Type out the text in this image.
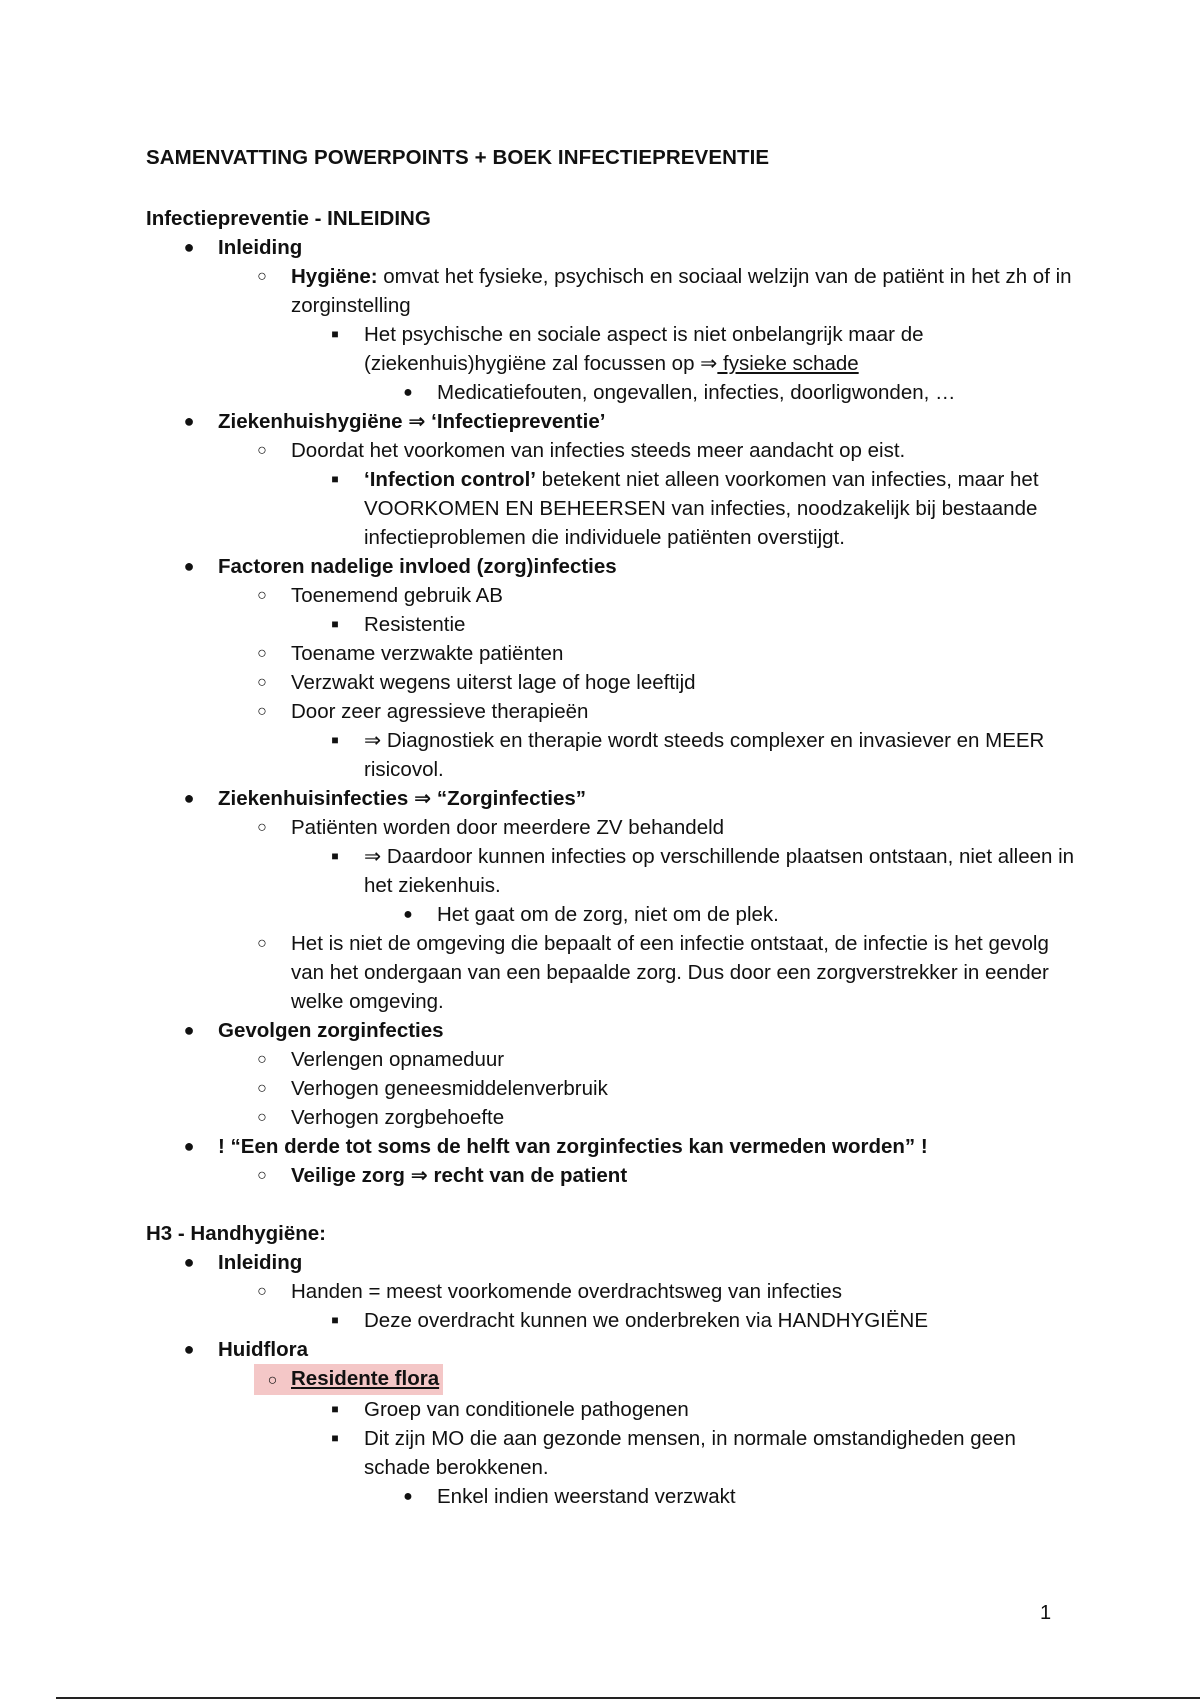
SAMENVATTING POWERPOINTS + BOEK INFECTIEPREVENTIE
Infectiepreventie - INLEIDING
● Inleiding
○ Hygiëne: omvat het fysieke, psychisch en sociaal welzijn van de patiënt in het zh of in zorginstelling
■	Het psychische en sociale aspect is niet onbelangrijk maar de (ziekenhuis)hygiëne zal focussen op ⇒ fysieke schade
● Medicatiefouten, ongevallen, infecties, doorligwonden, …
● Ziekenhuishygiëne ⇒ ‘Infectiepreventie’
○ Doordat het voorkomen van infecties steeds meer aandacht op eist.
■	‘Infection control’ betekent niet alleen voorkomen van infecties, maar het VOORKOMEN EN BEHEERSEN van infecties, noodzakelijk bij bestaande infectieproblemen die individuele patiënten overstijgt.
● Factoren nadelige invloed (zorg)infecties
○ Toenemend gebruik AB
■	Resistentie
○ Toename verzwakte patiënten
○ Verzwakt wegens uiterst lage of hoge leeftijd
○ Door zeer agressieve therapieën
■	⇒ Diagnostiek en therapie wordt steeds complexer en invasiever en MEER risicovol.
● Ziekenhuisinfecties ⇒ “Zorginfecties”
○ Patiënten worden door meerdere ZV behandeld
■	⇒ Daardoor kunnen infecties op verschillende plaatsen ontstaan, niet alleen in het ziekenhuis.
● Het gaat om de zorg, niet om de plek.
○ Het is niet de omgeving die bepaalt of een infectie ontstaat, de infectie is het gevolg van het ondergaan van een bepaalde zorg. Dus door een zorgverstrekker in eender welke omgeving.
● Gevolgen zorginfecties
○ Verlengen opnameduur
○ Verhogen geneesmiddelenverbruik
○ Verhogen zorgbehoefte
● ! “Een derde tot soms de helft van zorginfecties kan vermeden worden” !
○ Veilige zorg ⇒ recht van de patient
H3 - Handhygiëne:
● Inleiding
○ Handen = meest voorkomende overdrachtsweg van infecties
■	Deze overdracht kunnen we onderbreken via HANDHYGIËNE
● Huidflora
○ Residente flora
■	Groep van conditionele pathogenen
■	Dit zijn MO die aan gezonde mensen, in normale omstandigheden geen schade berokkenen.
● Enkel indien weerstand verzwakt
1
